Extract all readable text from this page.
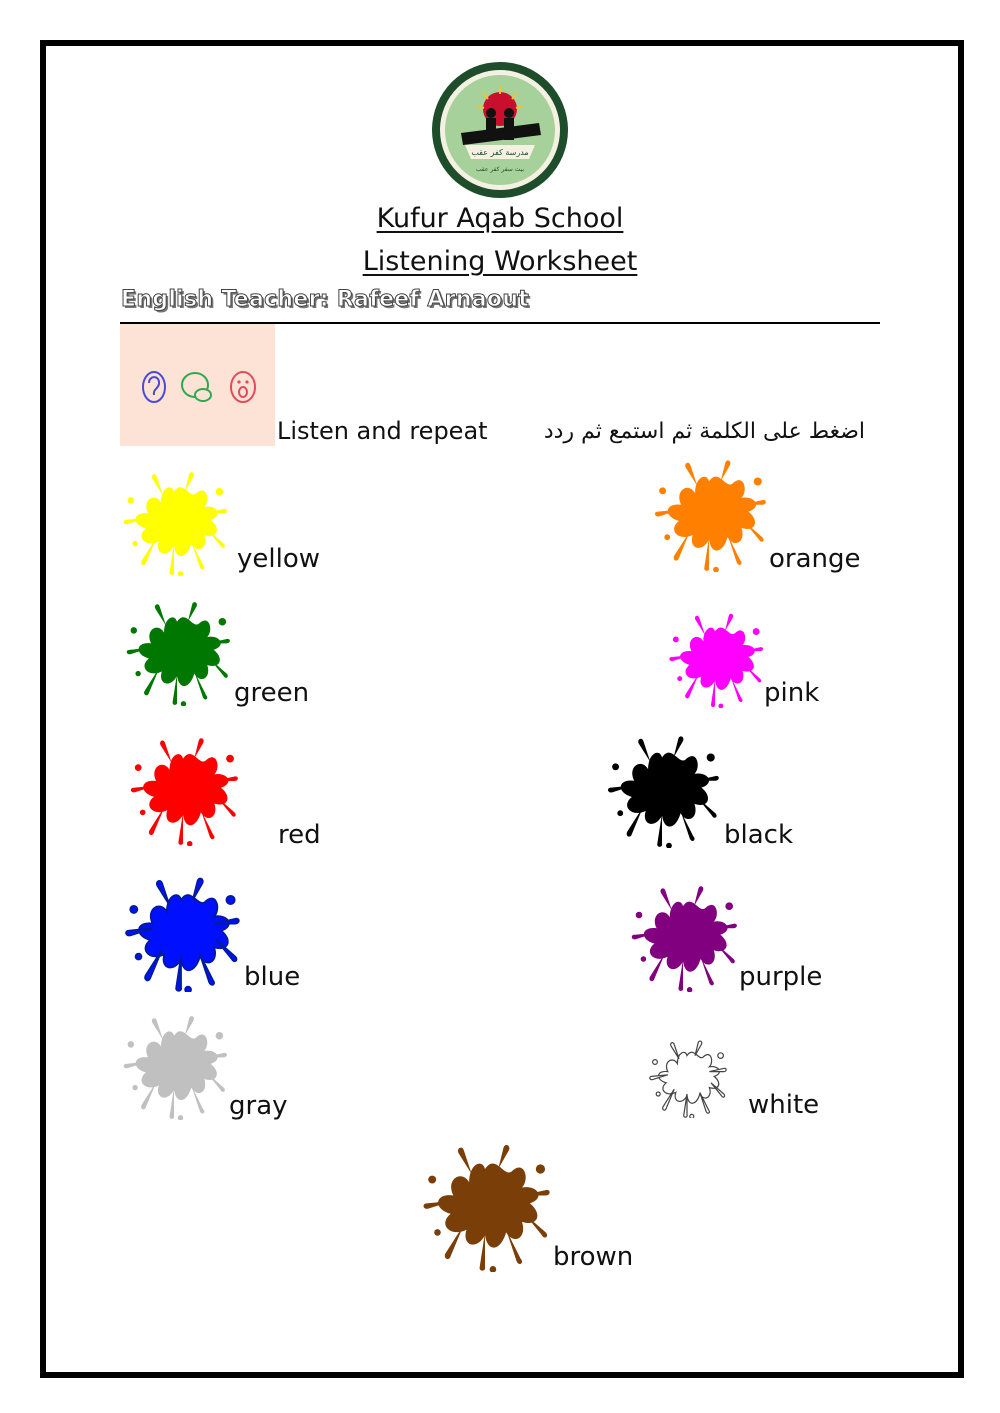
مدرسة كفر عقب
بيت سفر كفر عقب
Kufur Aqab School
Listening Worksheet
English Teacher: Rafeef Arnaout
Listen and repeat	اضغط على الكلمة ثم استمع ثم ردد
yellow
green
red
blue
gray
orange
pink
black
purple
white
brown
